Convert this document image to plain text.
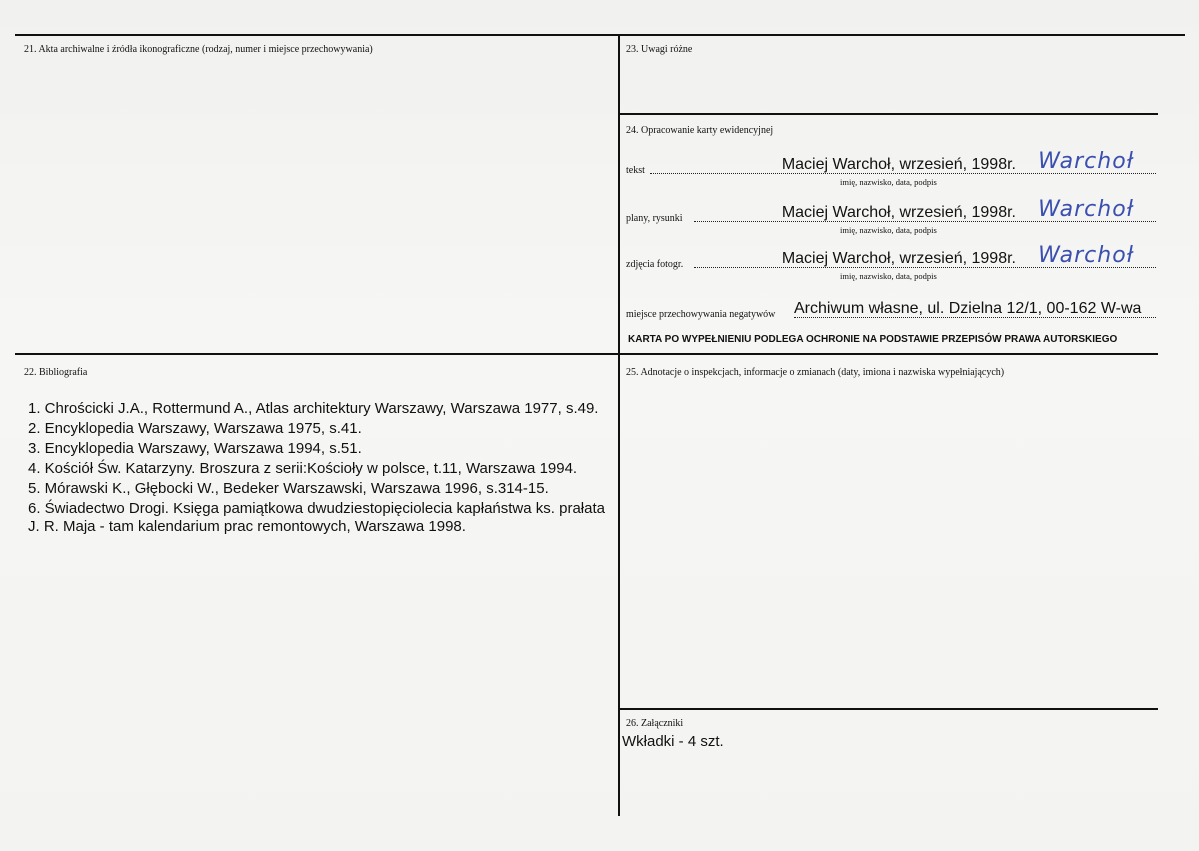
21. Akta archiwalne i źródła ikonograficzne (rodzaj, numer i miejsce przechowywania)	23. Uwagi różne
24. Opracowanie karty ewidencyjnej
tekst	Maciej Warchoł, wrzesień, 1998r. Warchoł
imię, nazwisko, data, podpis
plany, rysunki	Maciej Warchoł, wrzesień, 1998r. Warchoł
imię, nazwisko, data, podpis
zdjęcia fotogr.	Maciej Warchoł, wrzesień, 1998r. Warchoł
imię, nazwisko, data, podpis
miejsce przechowywania negatywów Archiwum własne, ul. Dzielna 12/1, 00-162 W-wa
KARTA PO WYPEŁNIENIU PODLEGA OCHRONIE NA PODSTAWIE PRZEPISÓW PRAWA AUTORSKIEGO
22. Bibliografia
1. Chrościcki J.A., Rottermund A., Atlas architektury Warszawy, Warszawa 1977, s.49.
2. Encyklopedia Warszawy, Warszawa 1975, s.41.
3. Encyklopedia Warszawy, Warszawa 1994, s.51.
4. Kościół Św. Katarzyny. Broszura z serii:Kościoły w polsce, t.11, Warszawa 1994.
5. Mórawski K., Głębocki W., Bedeker Warszawski, Warszawa 1996, s.314-15.
6. Świadectwo Drogi. Księga pamiątkowa dwudziestopięciolecia kapłaństwa ks. prałata J. R. Maja - tam kalendarium prac remontowych, Warszawa 1998.
25. Adnotacje o inspekcjach, informacje o zmianach (daty, imiona i nazwiska wypełniających)
26. Załączniki
Wkładki - 4 szt.
